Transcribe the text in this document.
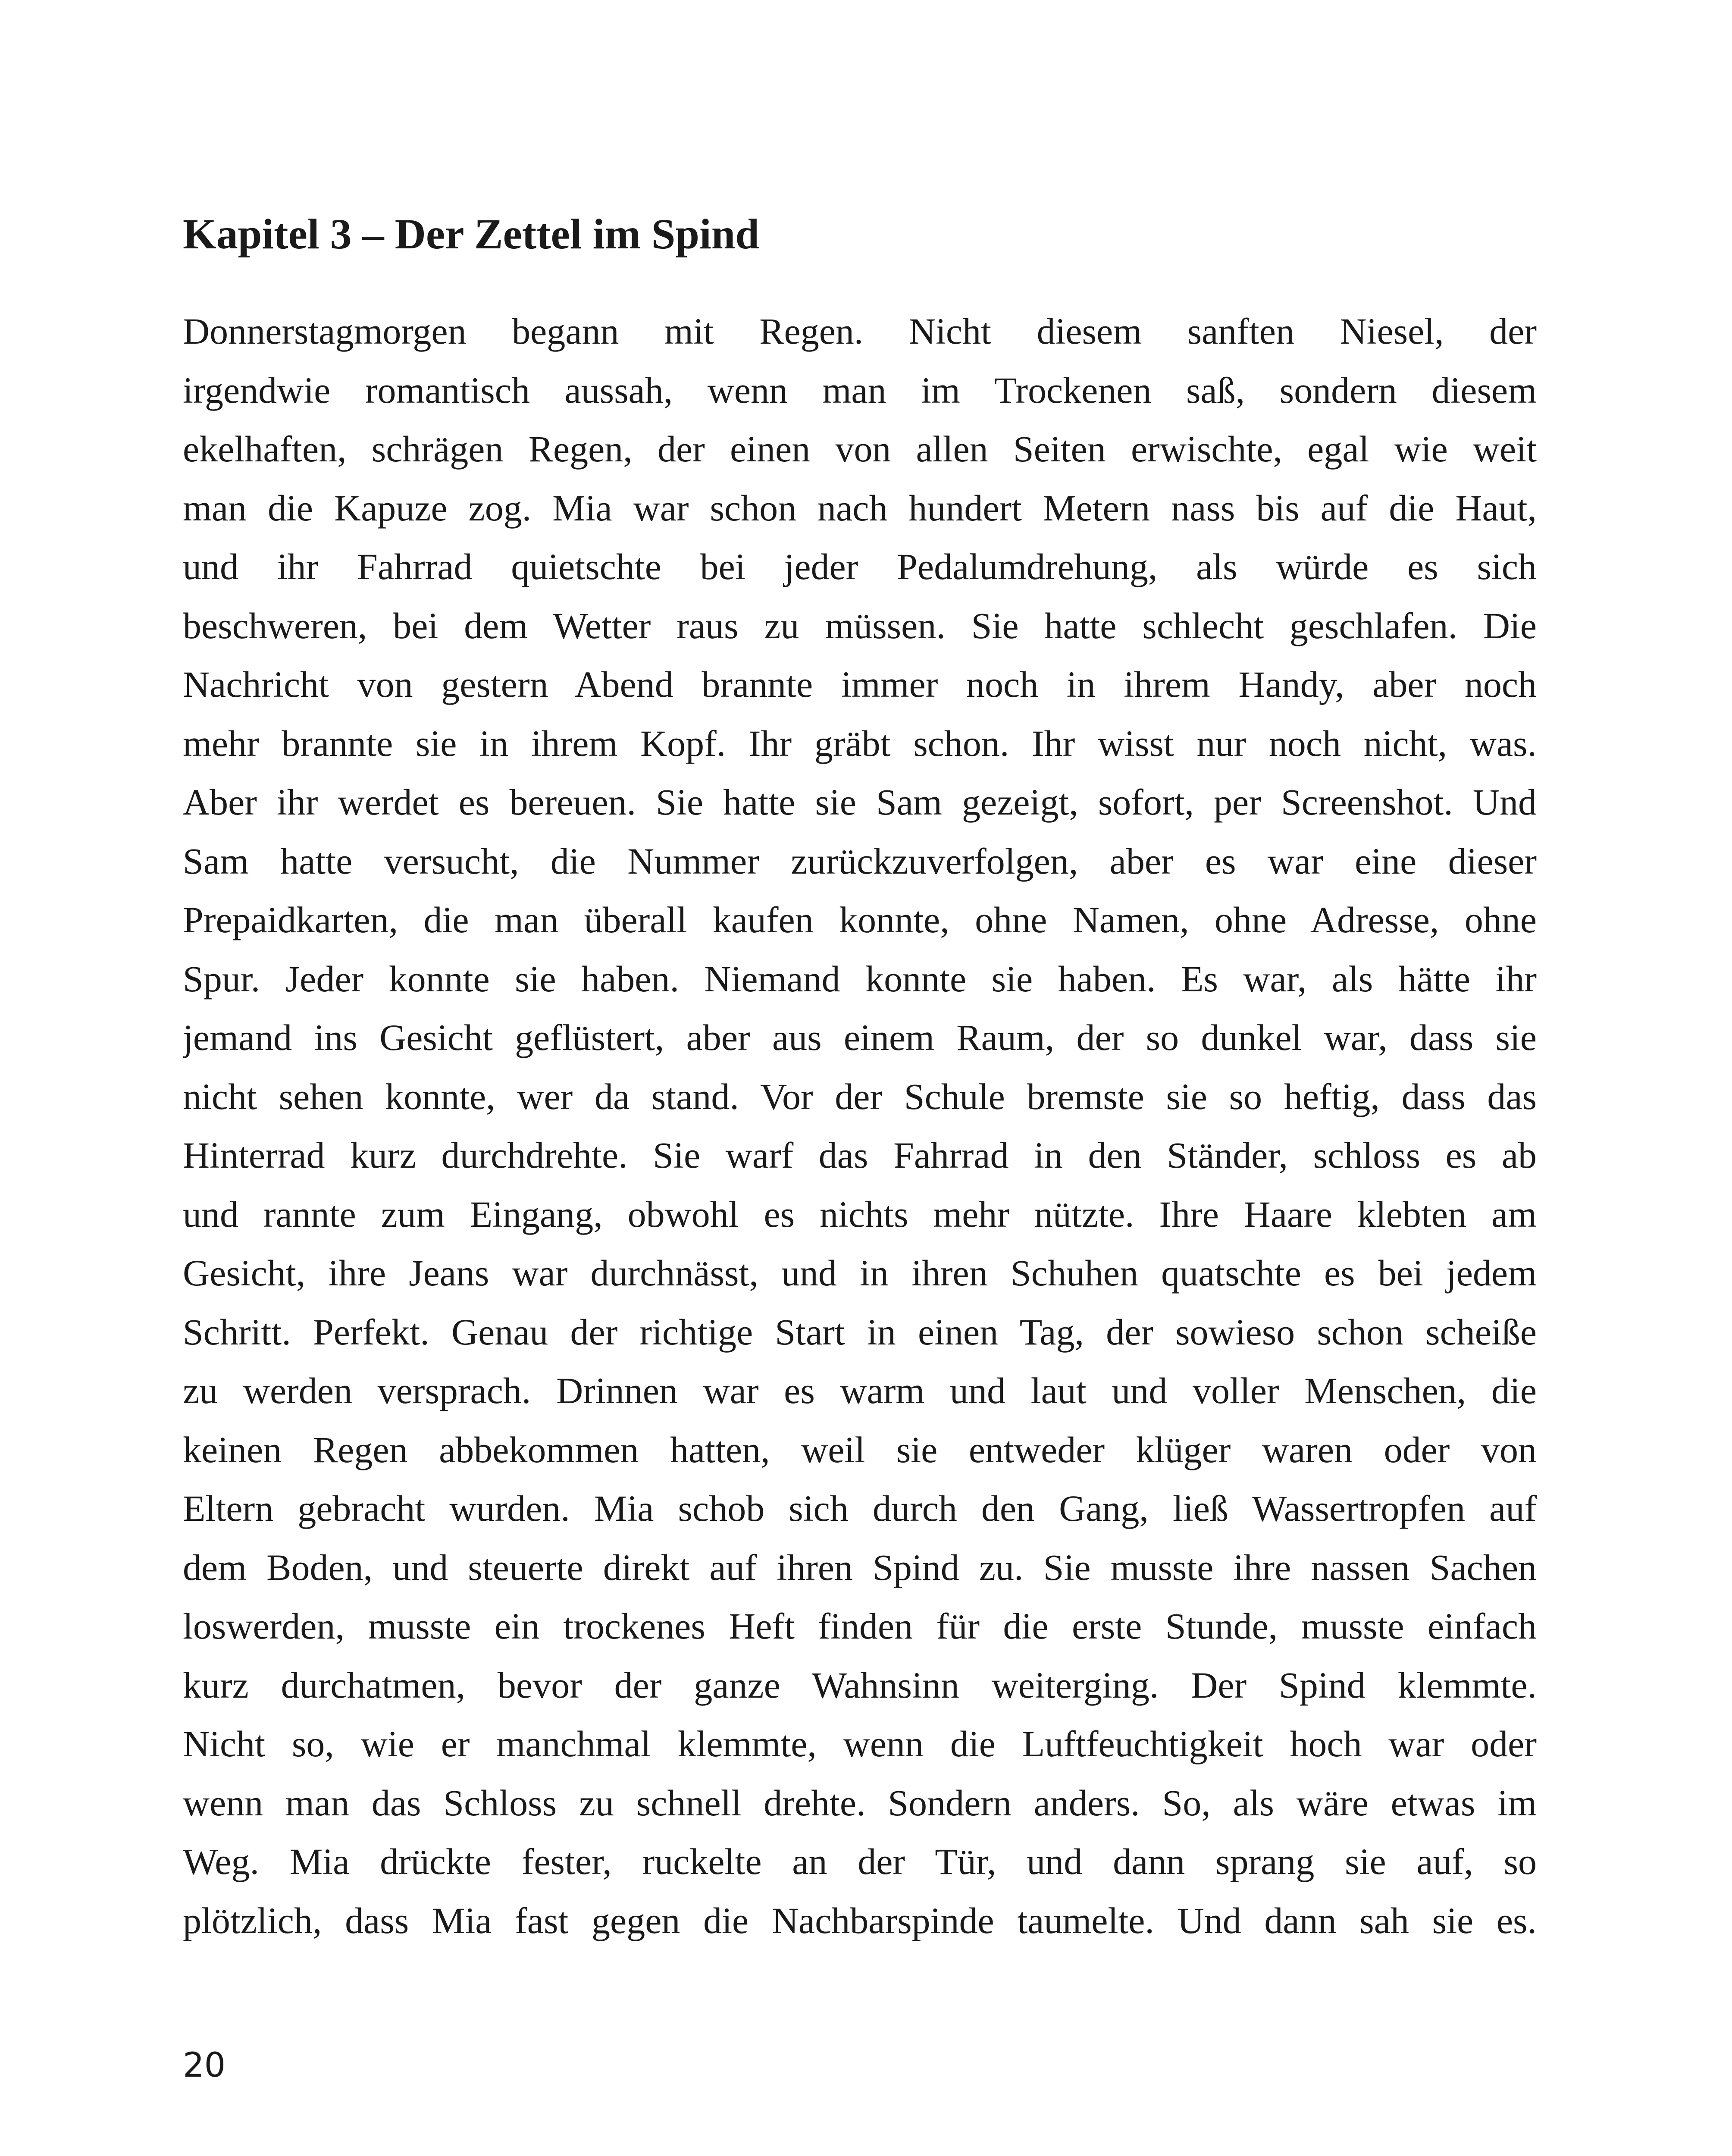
Kapitel 3 – Der Zettel im Spind
Donnerstagmorgen begann mit Regen. Nicht diesem sanften Niesel, der
irgendwie romantisch aussah, wenn man im Trockenen saß, sondern diesem
ekelhaften, schrägen Regen, der einen von allen Seiten erwischte, egal wie weit
man die Kapuze zog. Mia war schon nach hundert Metern nass bis auf die Haut,
und ihr Fahrrad quietschte bei jeder Pedalumdrehung, als würde es sich
beschweren, bei dem Wetter raus zu müssen. Sie hatte schlecht geschlafen. Die
Nachricht von gestern Abend brannte immer noch in ihrem Handy, aber noch
mehr brannte sie in ihrem Kopf. Ihr gräbt schon. Ihr wisst nur noch nicht, was.
Aber ihr werdet es bereuen. Sie hatte sie Sam gezeigt, sofort, per Screenshot. Und
Sam hatte versucht, die Nummer zurückzuverfolgen, aber es war eine dieser
Prepaidkarten, die man überall kaufen konnte, ohne Namen, ohne Adresse, ohne
Spur. Jeder konnte sie haben. Niemand konnte sie haben. Es war, als hätte ihr
jemand ins Gesicht geflüstert, aber aus einem Raum, der so dunkel war, dass sie
nicht sehen konnte, wer da stand. Vor der Schule bremste sie so heftig, dass das
Hinterrad kurz durchdrehte. Sie warf das Fahrrad in den Ständer, schloss es ab
und rannte zum Eingang, obwohl es nichts mehr nützte. Ihre Haare klebten am
Gesicht, ihre Jeans war durchnässt, und in ihren Schuhen quatschte es bei jedem
Schritt. Perfekt. Genau der richtige Start in einen Tag, der sowieso schon scheiße
zu werden versprach. Drinnen war es warm und laut und voller Menschen, die
keinen Regen abbekommen hatten, weil sie entweder klüger waren oder von
Eltern gebracht wurden. Mia schob sich durch den Gang, ließ Wassertropfen auf
dem Boden, und steuerte direkt auf ihren Spind zu. Sie musste ihre nassen Sachen
loswerden, musste ein trockenes Heft finden für die erste Stunde, musste einfach
kurz durchatmen, bevor der ganze Wahnsinn weiterging. Der Spind klemmte.
Nicht so, wie er manchmal klemmte, wenn die Luftfeuchtigkeit hoch war oder
wenn man das Schloss zu schnell drehte. Sondern anders. So, als wäre etwas im
Weg. Mia drückte fester, ruckelte an der Tür, und dann sprang sie auf, so
plötzlich, dass Mia fast gegen die Nachbarspinde taumelte. Und dann sah sie es.
20
